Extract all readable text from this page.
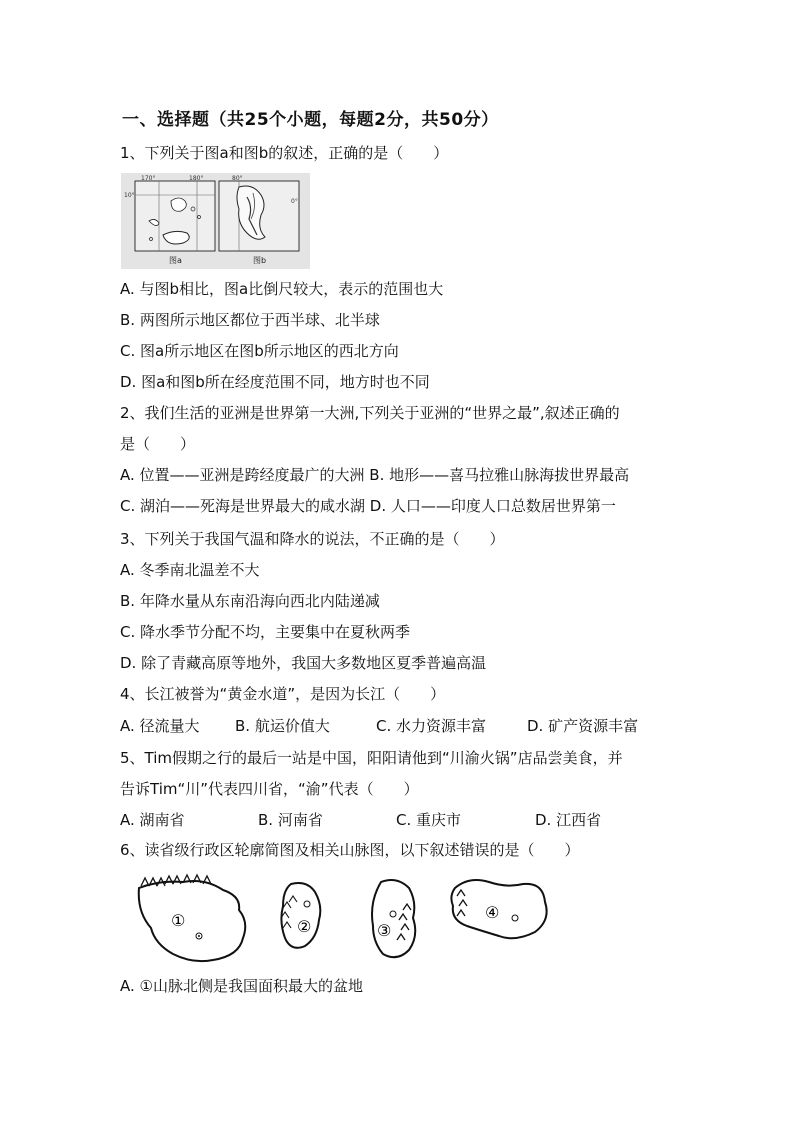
一、选择题（共25个小题，每题2分，共50分）
1、下列关于图a和图b的叙述，正确的是（　　）
170°	180°	80°
10°
0°
图a	图b
A. 与图b相比，图a比倒尺较大，表示的范围也大
B. 两图所示地区都位于西半球、北半球
C. 图a所示地区在图b所示地区的西北方向
D. 图a和图b所在经度范围不同，地方时也不同
2、我们生活的亚洲是世界第一大洲,下列关于亚洲的“世界之最”,叙述正确的
是（　　）
A. 位置——亚洲是跨经度最广的大洲 B. 地形——喜马拉雅山脉海拔世界最高
C. 湖泊——死海是世界最大的咸水湖 D. 人口——印度人口总数居世界第一
3、下列关于我国气温和降水的说法，不正确的是（　　）
A. 冬季南北温差不大
B. 年降水量从东南沿海向西北内陆递减
C. 降水季节分配不均，主要集中在夏秋两季
D. 除了青藏高原等地外，我国大多数地区夏季普遍高温
4、长江被誉为“黄金水道”，是因为长江（　　）
A. 径流量大 B. 航运价值大	C. 水力资源丰富	D. 矿产资源丰富
5、Tim假期之行的最后一站是中国，阳阳请他到“川渝火锅”店品尝美食，并
告诉Tim“川”代表四川省，“渝”代表（　　）
A. 湖南省	B. 河南省	C. 重庆市	D. 江西省
6、读省级行政区轮廓简图及相关山脉图，以下叙述错误的是（　　）
①	②	③
④
A. ①山脉北侧是我国面积最大的盆地
